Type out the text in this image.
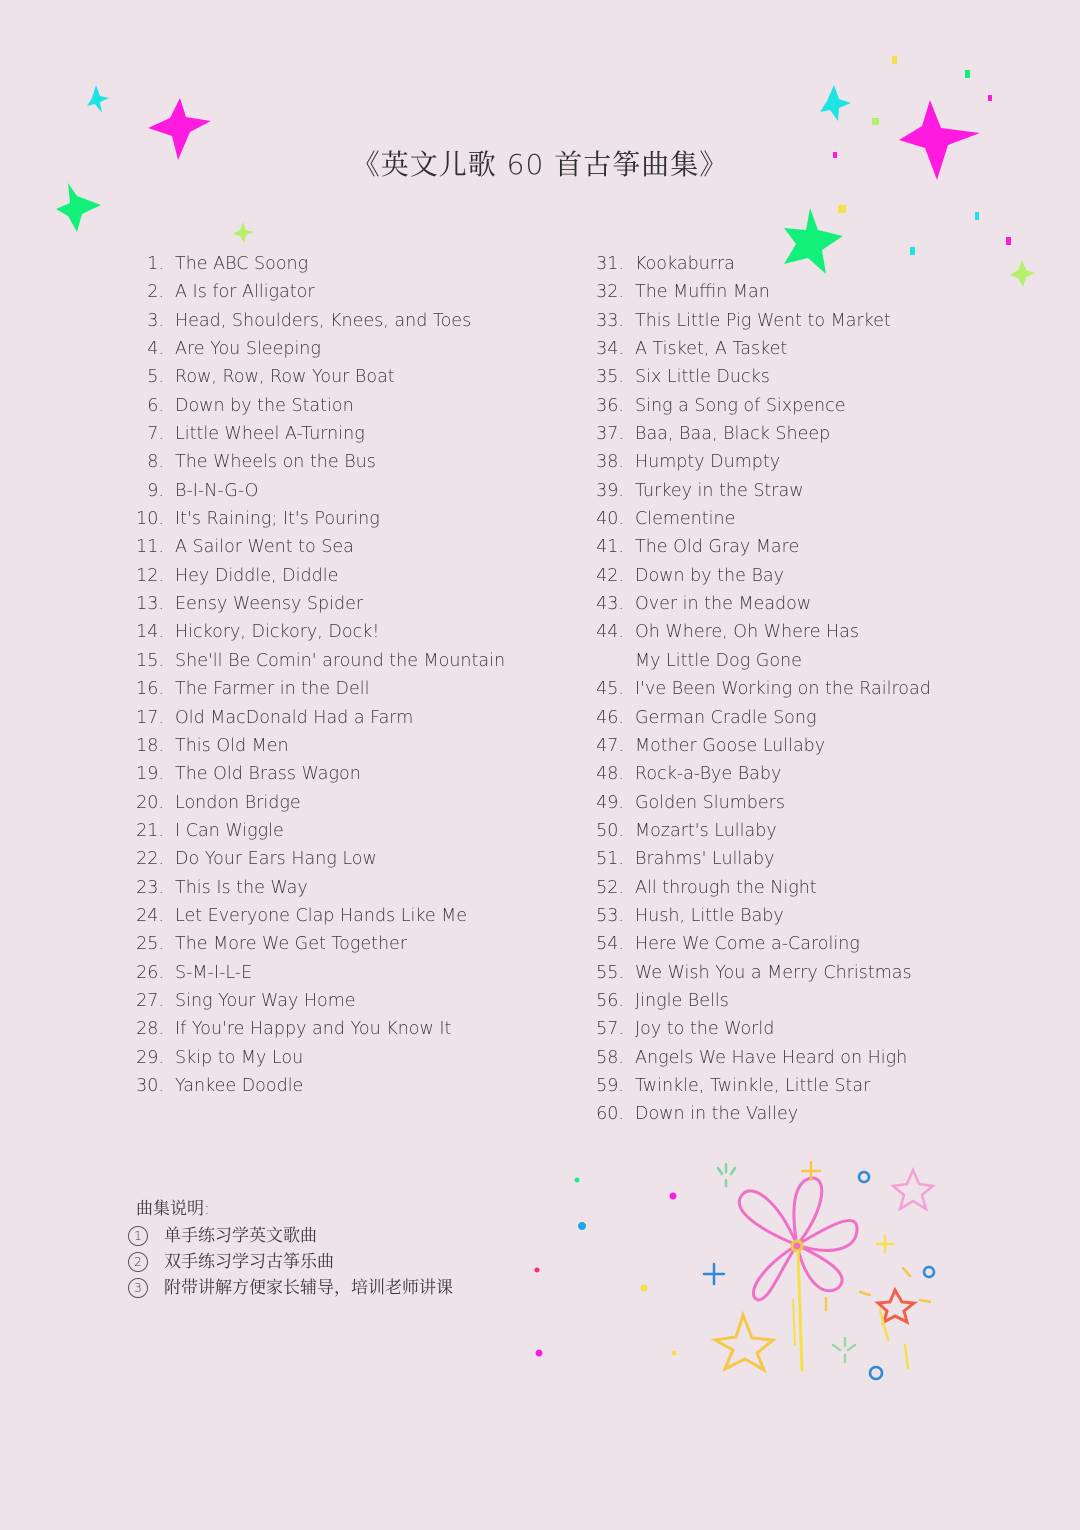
《英文儿歌 60 首古筝曲集》
1. The ABC Soong
2. A Is for Alligator
3. Head, Shoulders, Knees, and Toes
4. Are You Sleeping
5. Row, Row, Row Your Boat
6. Down by the Station
7. Little Wheel A-Turning
8. The Wheels on the Bus
9. B-I-N-G-O
10. It's Raining; It's Pouring
11. A Sailor Went to Sea
12. Hey Diddle, Diddle
13. Eensy Weensy Spider
14. Hickory, Dickory, Dock!
15. She'll Be Comin' around the Mountain
16. The Farmer in the Dell
17. Old MacDonald Had a Farm
18. This Old Men
19. The Old Brass Wagon
20. London Bridge
21. I Can Wiggle
22. Do Your Ears Hang Low
23. This Is the Way
24. Let Everyone Clap Hands Like Me
25. The More We Get Together
26. S-M-I-L-E
27. Sing Your Way Home
28. If You're Happy and You Know It
29. Skip to My Lou
30. Yankee Doodle
31. Kookaburra
32. The Muffin Man
33. This Little Pig Went to Market
34. A Tisket, A Tasket
35. Six Little Ducks
36. Sing a Song of Sixpence
37. Baa, Baa, Black Sheep
38. Humpty Dumpty
39. Turkey in the Straw
40. Clementine
41. The Old Gray Mare
42. Down by the Bay
43. Over in the Meadow
44. Oh Where, Oh Where Has
My Little Dog Gone
45. I've Been Working on the Railroad
46. German Cradle Song
47. Mother Goose Lullaby
48. Rock-a-Bye Baby
49. Golden Slumbers
50. Mozart's Lullaby
51. Brahms' Lullaby
52. All through the Night
53. Hush, Little Baby
54. Here We Come a-Caroling
55. We Wish You a Merry Christmas
56. Jingle Bells
57. Joy to the World
58. Angels We Have Heard on High
59. Twinkle, Twinkle, Little Star
60. Down in the Valley
曲集说明:
1	单手练习学英文歌曲
2	双手练习学习古筝乐曲
3	附带讲解方便家长辅导，培训老师讲课
